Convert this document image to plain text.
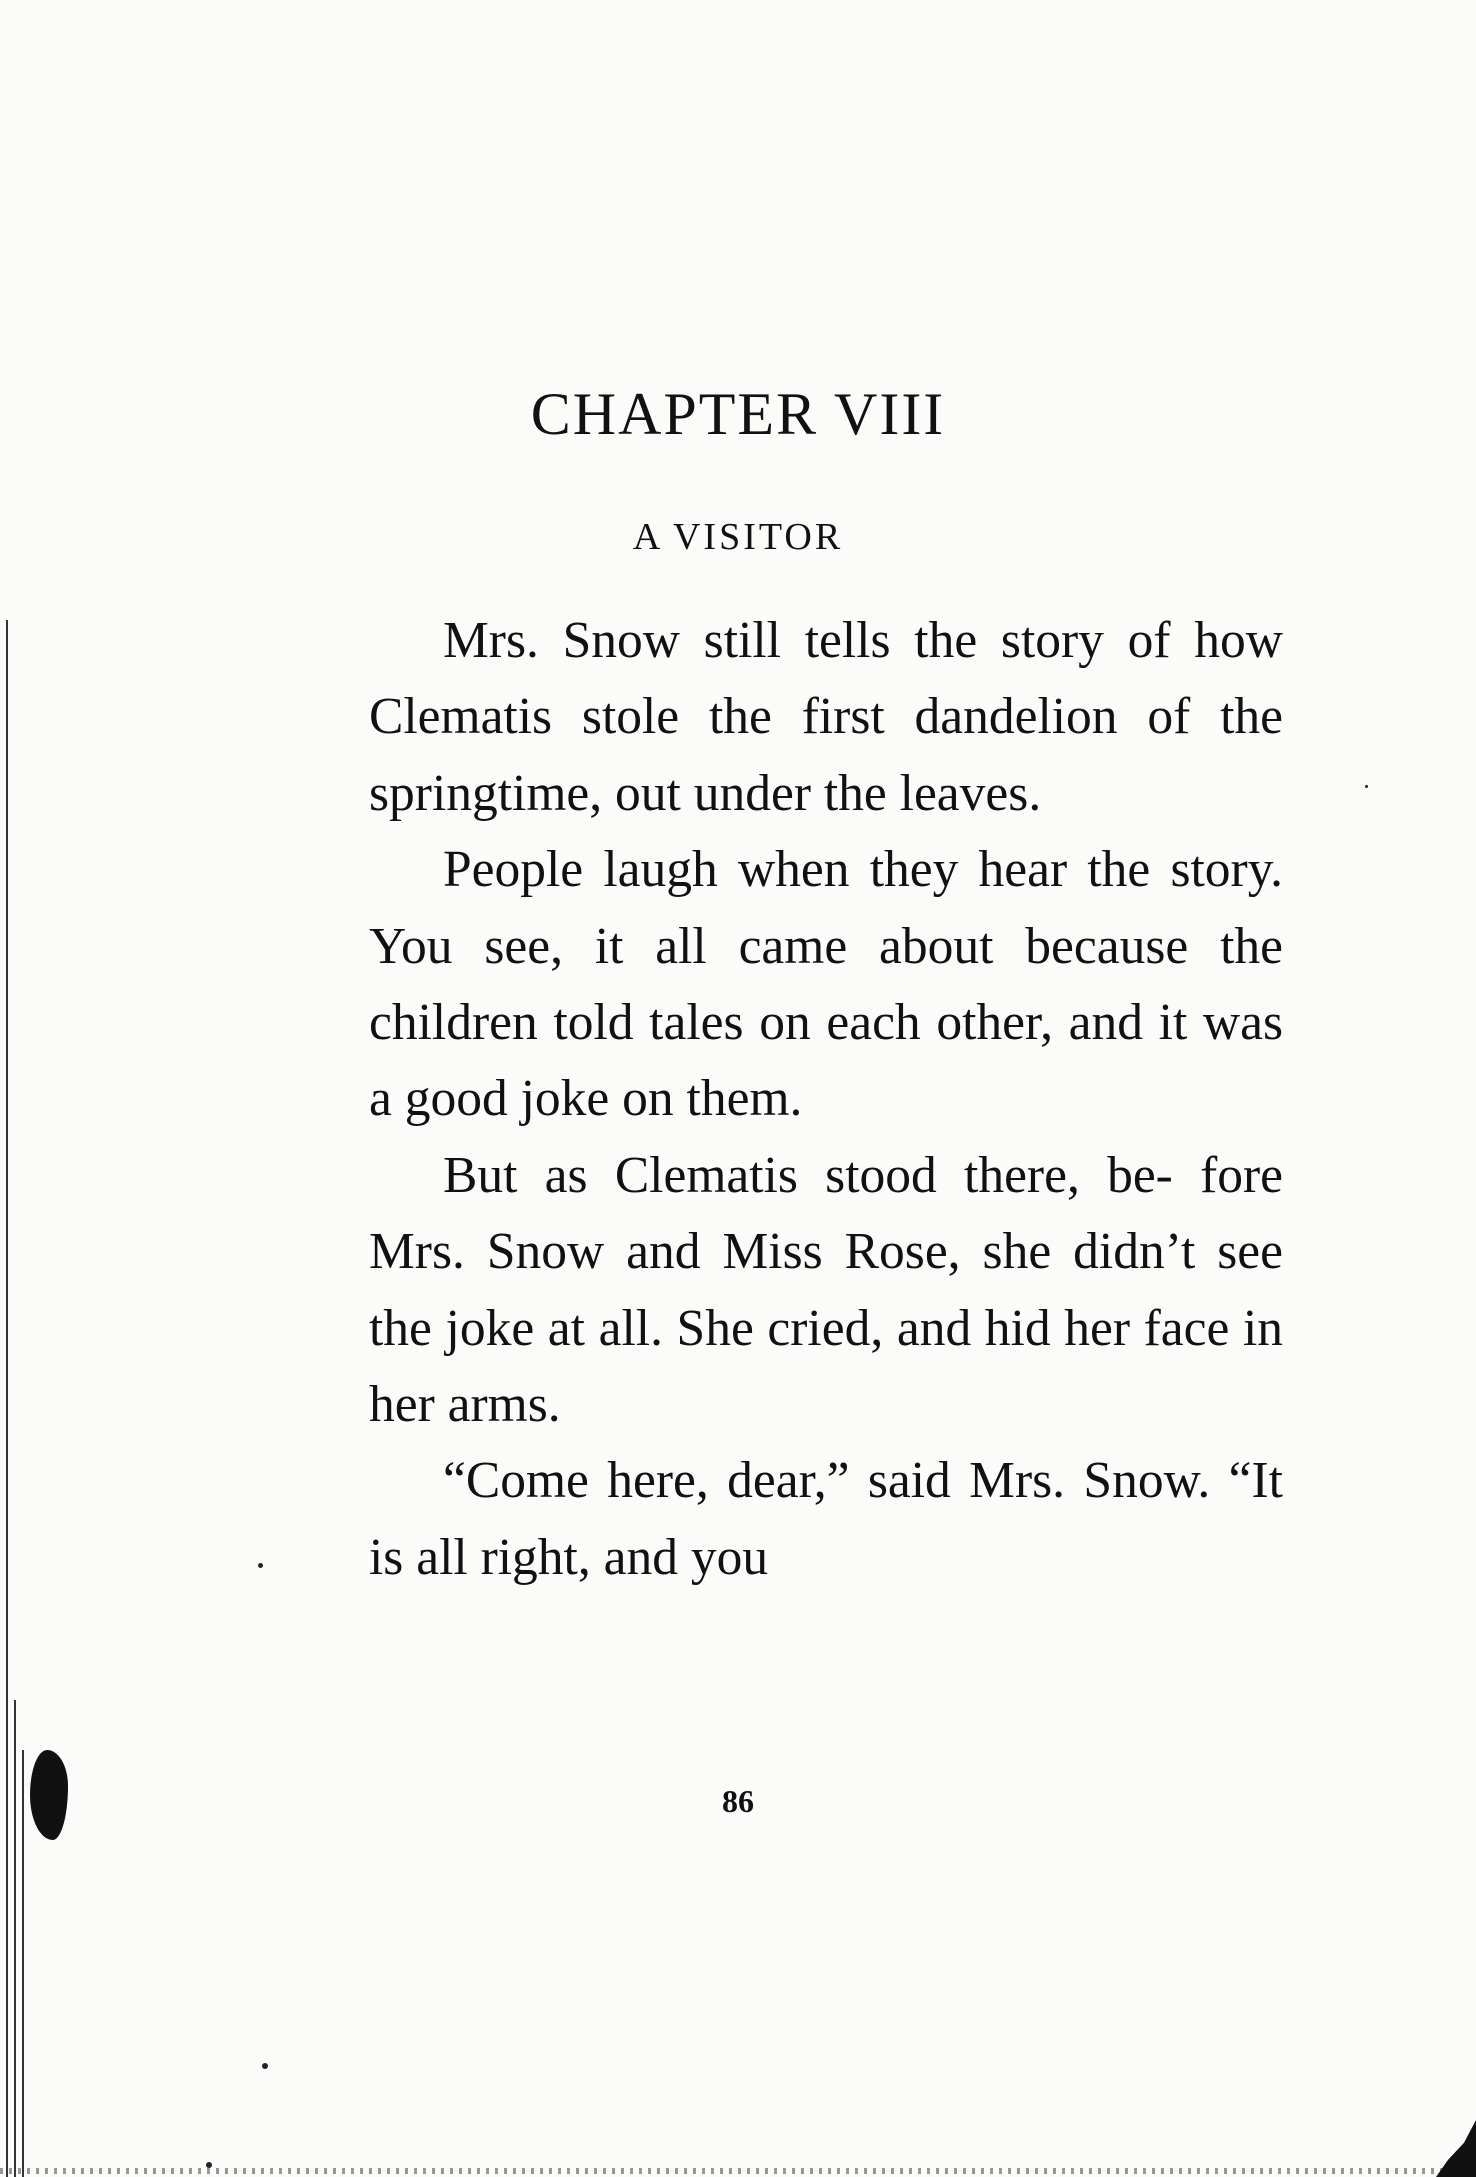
CHAPTER VIII
A VISITOR

Mrs. Snow still tells the story of how Clematis stole the first dandelion of the springtime, out under the leaves.

People laugh when they hear the story. You see, it all came about because the children told tales on each other, and it was a good joke on them.

But as Clematis stood there, be- fore Mrs. Snow and Miss Rose, she didn’t see the joke at all. She cried, and hid her face in her arms.

“Come here, dear,” said Mrs. Snow. “It is all right, and you

86
